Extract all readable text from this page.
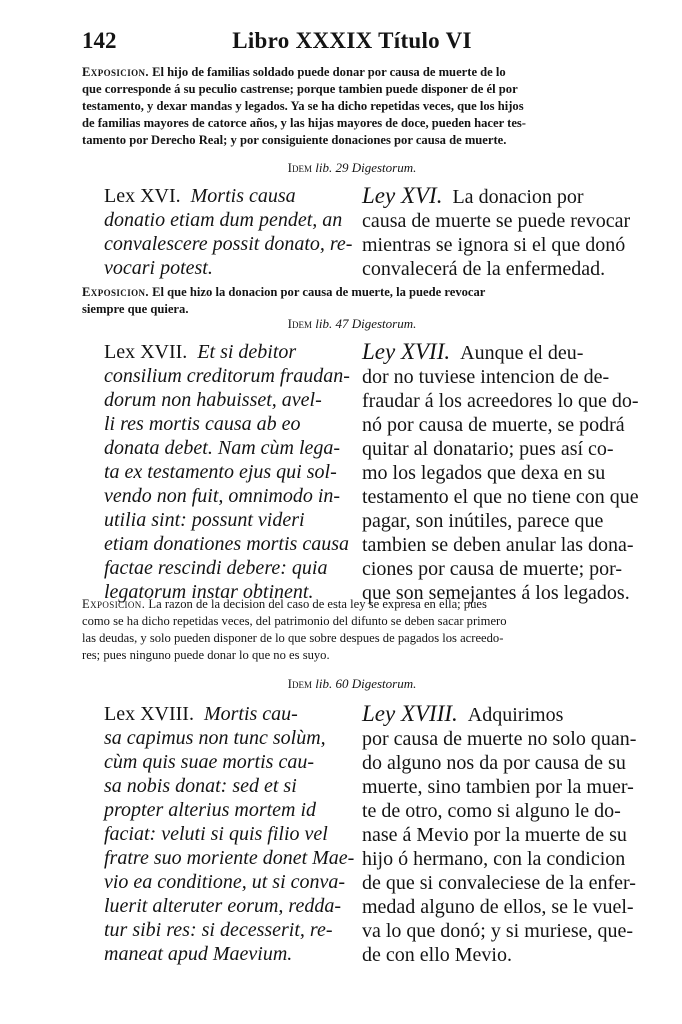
142	Libro XXXIX Título VI
Exposicion. El hijo de familias soldado puede donar por causa de muerte de lo
que corresponde á su peculio castrense; porque tambien puede disponer de él por
testamento, y dexar mandas y legados. Ya se ha dicho repetidas veces, que los hijos
de familias mayores de catorce años, y las hijas mayores de doce, pueden hacer tes-
tamento por Derecho Real; y por consiguiente donaciones por causa de muerte.
Idem lib. 29 Digestorum.
Lex XVI. Mortis causa
donatio etiam dum pendet, an
convalescere possit donato, re-
vocari potest.
Ley XVI. La donacion por
causa de muerte se puede revocar
mientras se ignora si el que donó
convalecerá de la enfermedad.
Exposicion. El que hizo la donacion por causa de muerte, la puede revocar
siempre que quiera.
Idem lib. 47 Digestorum.
Lex XVII. Et si debitor
consilium creditorum fraudan-
dorum non habuisset, avel-
li res mortis causa ab eo
donata debet. Nam cùm lega-
ta ex testamento ejus qui sol-
vendo non fuit, omnimodo in-
utilia sint: possunt videri
etiam donationes mortis causa
factae rescindi debere: quia
legatorum instar obtinent.
Ley XVII. Aunque el deu-
dor no tuviese intencion de de-
fraudar á los acreedores lo que do-
nó por causa de muerte, se podrá
quitar al donatario; pues así co-
mo los legados que dexa en su
testamento el que no tiene con que
pagar, son inútiles, parece que
tambien se deben anular las dona-
ciones por causa de muerte; por-
que son semejantes á los legados.
Exposicion. La razon de la decision del caso de esta ley se expresa en ella; pues
como se ha dicho repetidas veces, del patrimonio del difunto se deben sacar primero
las deudas, y solo pueden disponer de lo que sobre despues de pagados los acreedo-
res; pues ninguno puede donar lo que no es suyo.
Idem lib. 60 Digestorum.
Lex XVIII. Mortis cau-
sa capimus non tunc solùm,
cùm quis suae mortis cau-
sa nobis donat: sed et si
propter alterius mortem id
faciat: veluti si quis filio vel
fratre suo moriente donet Mae-
vio ea conditione, ut si conva-
luerit alteruter eorum, redda-
tur sibi res: si decesserit, re-
maneat apud Maevium.
Ley XVIII. Adquirimos
por causa de muerte no solo quan-
do alguno nos da por causa de su
muerte, sino tambien por la muer-
te de otro, como si alguno le do-
nase á Mevio por la muerte de su
hijo ó hermano, con la condicion
de que si convaleciese de la enfer-
medad alguno de ellos, se le vuel-
va lo que donó; y si muriese, que-
de con ello Mevio.
